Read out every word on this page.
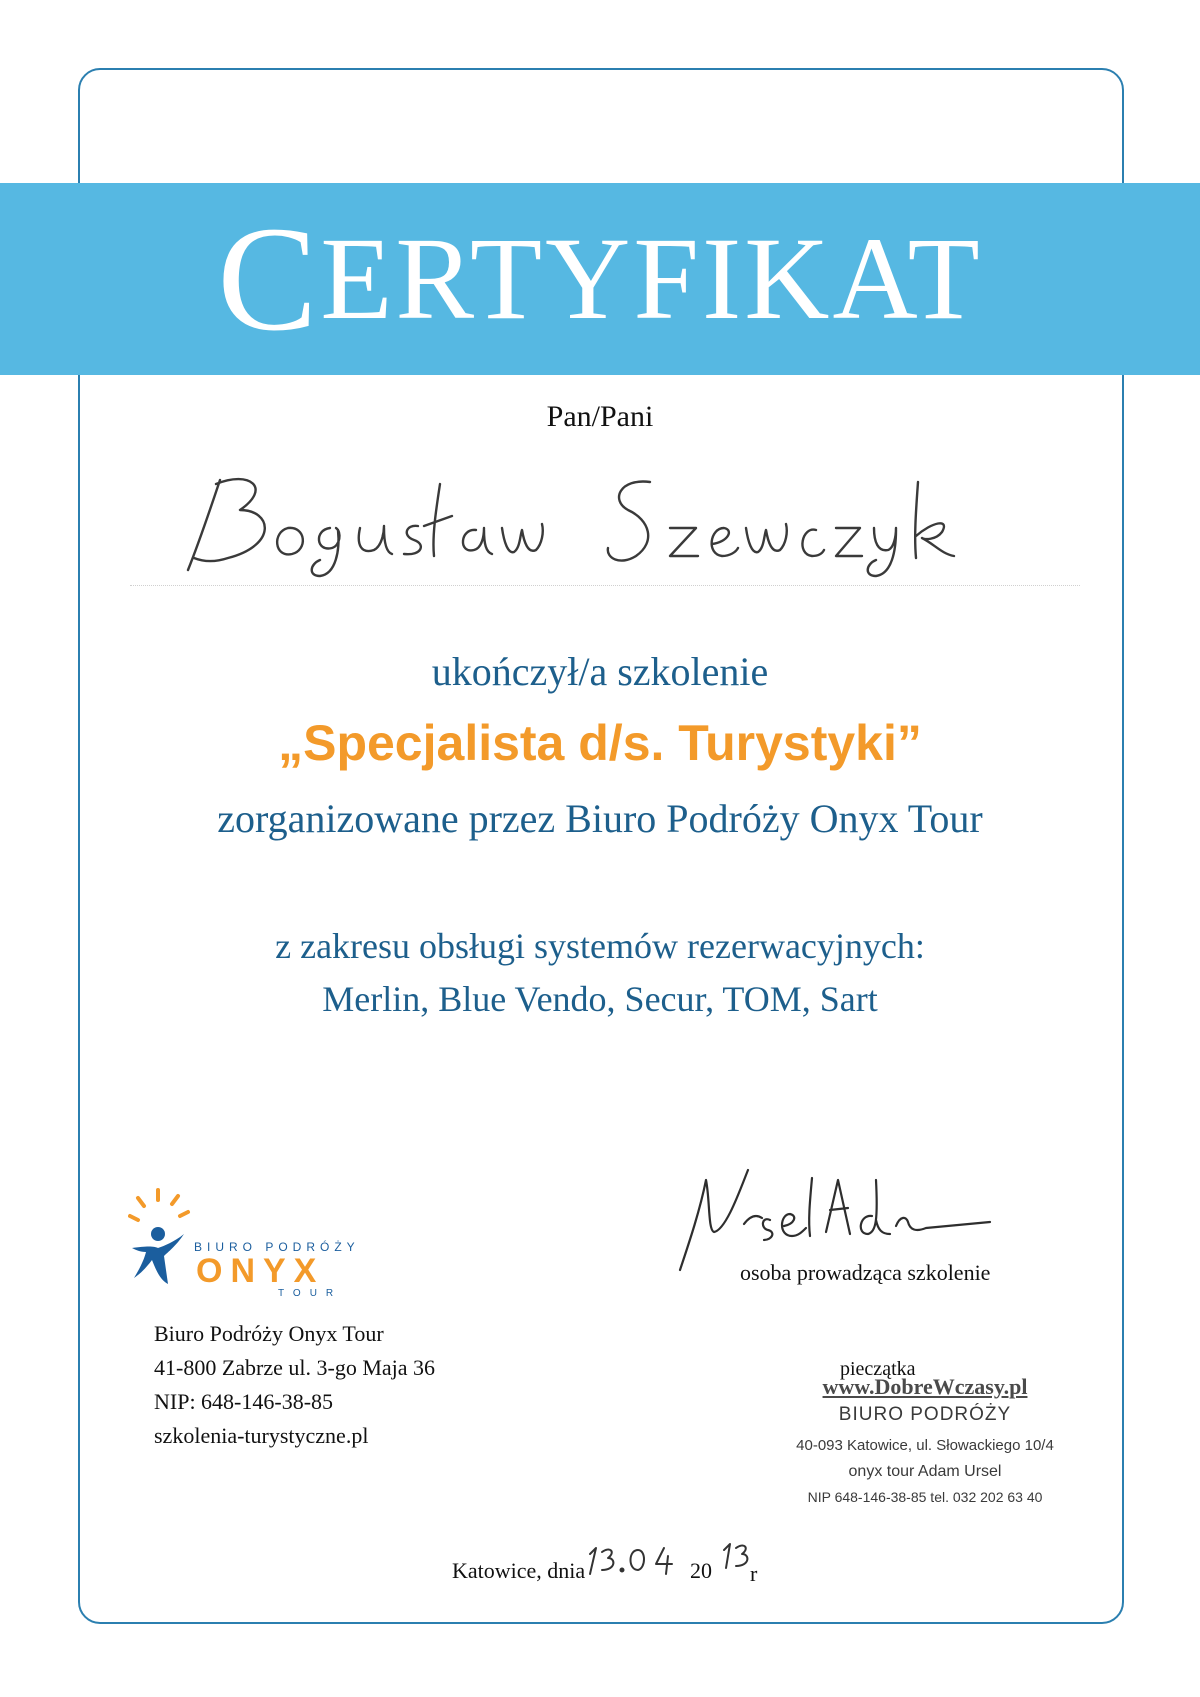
C ERTYFIKAT
Pan/Pani
ukończył/a szkolenie
„Specjalista d/s. Turystyki”
zorganizowane przez Biuro Podróży Onyx Tour
z zakresu obsługi systemów rezerwacyjnych:
Merlin, Blue Vendo, Secur, TOM, Sart
BIURO PODRÓŻY
ONYX
TOUR
Biuro Podróży Onyx Tour
41-800 Zabrze ul. 3-go Maja 36
NIP: 648-146-38-85
szkolenia-turystyczne.pl
osoba prowadząca szkolenie
pieczątka
www.DobreWczasy.pl
BIURO PODRÓŻY
40-093 Katowice, ul. Słowackiego 10/4
onyx tour Adam Ursel
NIP 648-146-38-85 tel. 032 202 63 40
Katowice, dnia	20 r
